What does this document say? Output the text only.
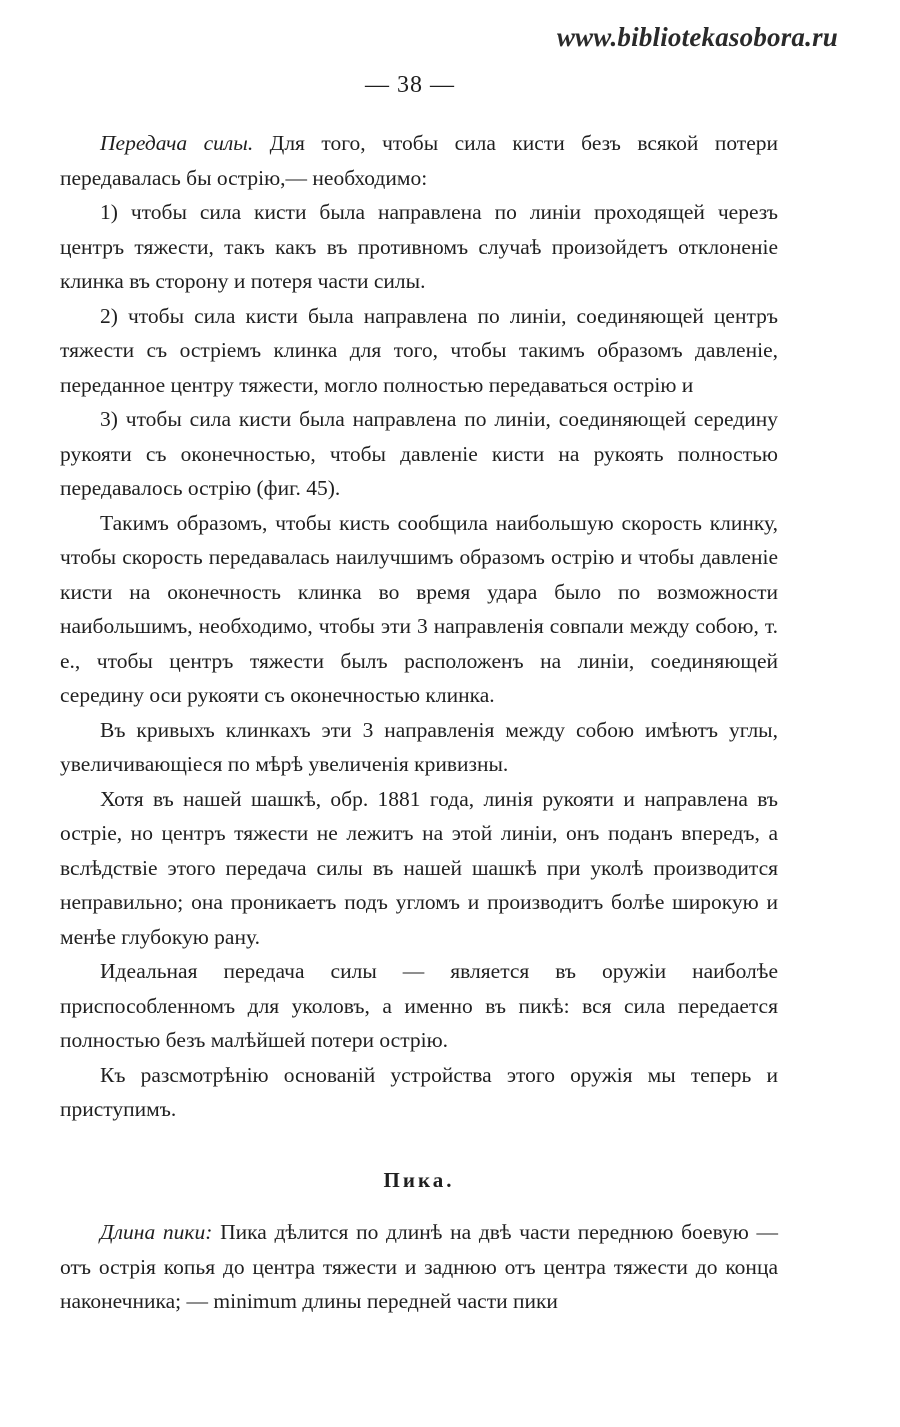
www.bibliotekasobora.ru
— 38 —

Передача силы. Для того, чтобы сила кисти безъ всякой потери передавалась бы острiю,— необходимо:

1) чтобы сила кисти была направлена по линiи проходящей черезъ центръ тяжести, такъ какъ въ противномъ случаѣ произойдетъ отклоненiе клинка въ сторону и потеря части силы.

2) чтобы сила кисти была направлена по линiи, соединяющей центръ тяжести съ острiемъ клинка для того, чтобы такимъ образомъ давленiе, переданное центру тяжести, могло полностью передаваться острiю и

3) чтобы сила кисти была направлена по линiи, соединяющей середину рукояти съ оконечностью, чтобы давленiе кисти на рукоять полностью передавалось острiю (фиг. 45).

Такимъ образомъ, чтобы кисть сообщила наибольшую скорость клинку, чтобы скорость передавалась наилучшимъ образомъ острiю и чтобы давленiе кисти на оконечность клинка во время удара было по возможности наибольшимъ, необходимо, чтобы эти 3 направленiя совпали между собою, т. е., чтобы центръ тяжести былъ расположенъ на линiи, соединяющей середину оси рукояти съ оконечностью клинка.

Въ кривыхъ клинкахъ эти 3 направленiя между собою имѣютъ углы, увеличивающiеся по мѣрѣ увеличенiя кривизны.

Хотя въ нашей шашкѣ, обр. 1881 года, линiя рукояти и направлена въ острiе, но центръ тяжести не лежитъ на этой линiи, онъ поданъ впередъ, а вслѣдствiе этого передача силы въ нашей шашкѣ при уколѣ производится неправильно; она проникаетъ подъ угломъ и производитъ болѣе широкую и менѣе глубокую рану.

Идеальная передача силы — является въ оружiи наиболѣе приспособленномъ для уколовъ, а именно въ пикѣ: вся сила передается полностью безъ малѣйшей потери острiю.

Къ разсмотрѣнiю основанiй устройства этого оружiя мы теперь и приступимъ.

Пика.

Длина пики: Пика дѣлится по длинѣ на двѣ части переднюю боевую — отъ острiя копья до центра тяжести и заднюю отъ центра тяжести до конца наконечника; — minimum длины передней части пики
